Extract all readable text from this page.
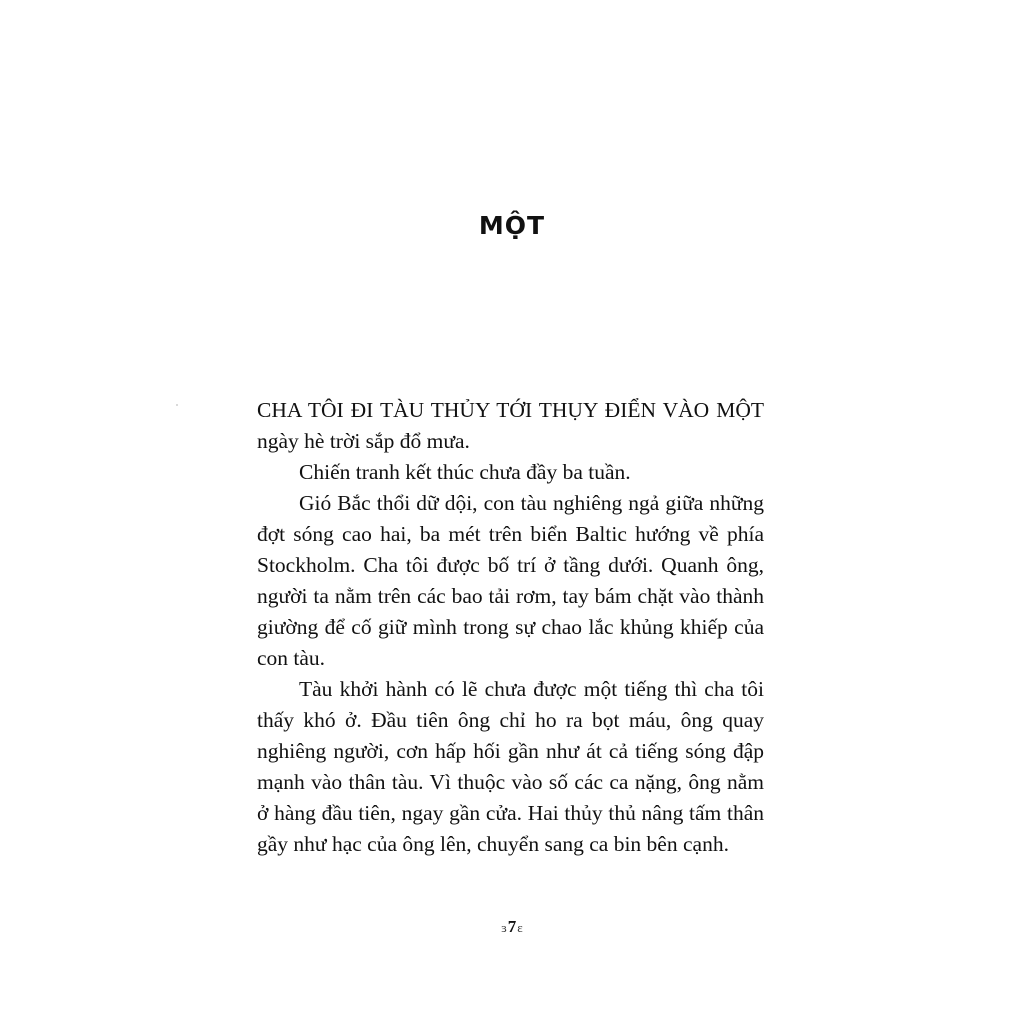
MỘT

CHA TÔI ĐI TÀU THỦY TỚI THỤY ĐIỂN VÀO MỘT ngày hè trời sắp đổ mưa.

Chiến tranh kết thúc chưa đầy ba tuần.

Gió Bắc thổi dữ dội, con tàu nghiêng ngả giữa những đợt sóng cao hai, ba mét trên biển Baltic hướng về phía Stockholm. Cha tôi được bố trí ở tầng dưới. Quanh ông, người ta nằm trên các bao tải rơm, tay bám chặt vào thành giường để cố giữ mình trong sự chao lắc khủng khiếp của con tàu.

Tàu khởi hành có lẽ chưa được một tiếng thì cha tôi thấy khó ở. Đầu tiên ông chỉ ho ra bọt máu, ông quay nghiêng người, cơn hấp hối gần như át cả tiếng sóng đập mạnh vào thân tàu. Vì thuộc vào số các ca nặng, ông nằm ở hàng đầu tiên, ngay gần cửa. Hai thủy thủ nâng tấm thân gầy như hạc của ông lên, chuyển sang ca bin bên cạnh.

ɜ7ɛ
